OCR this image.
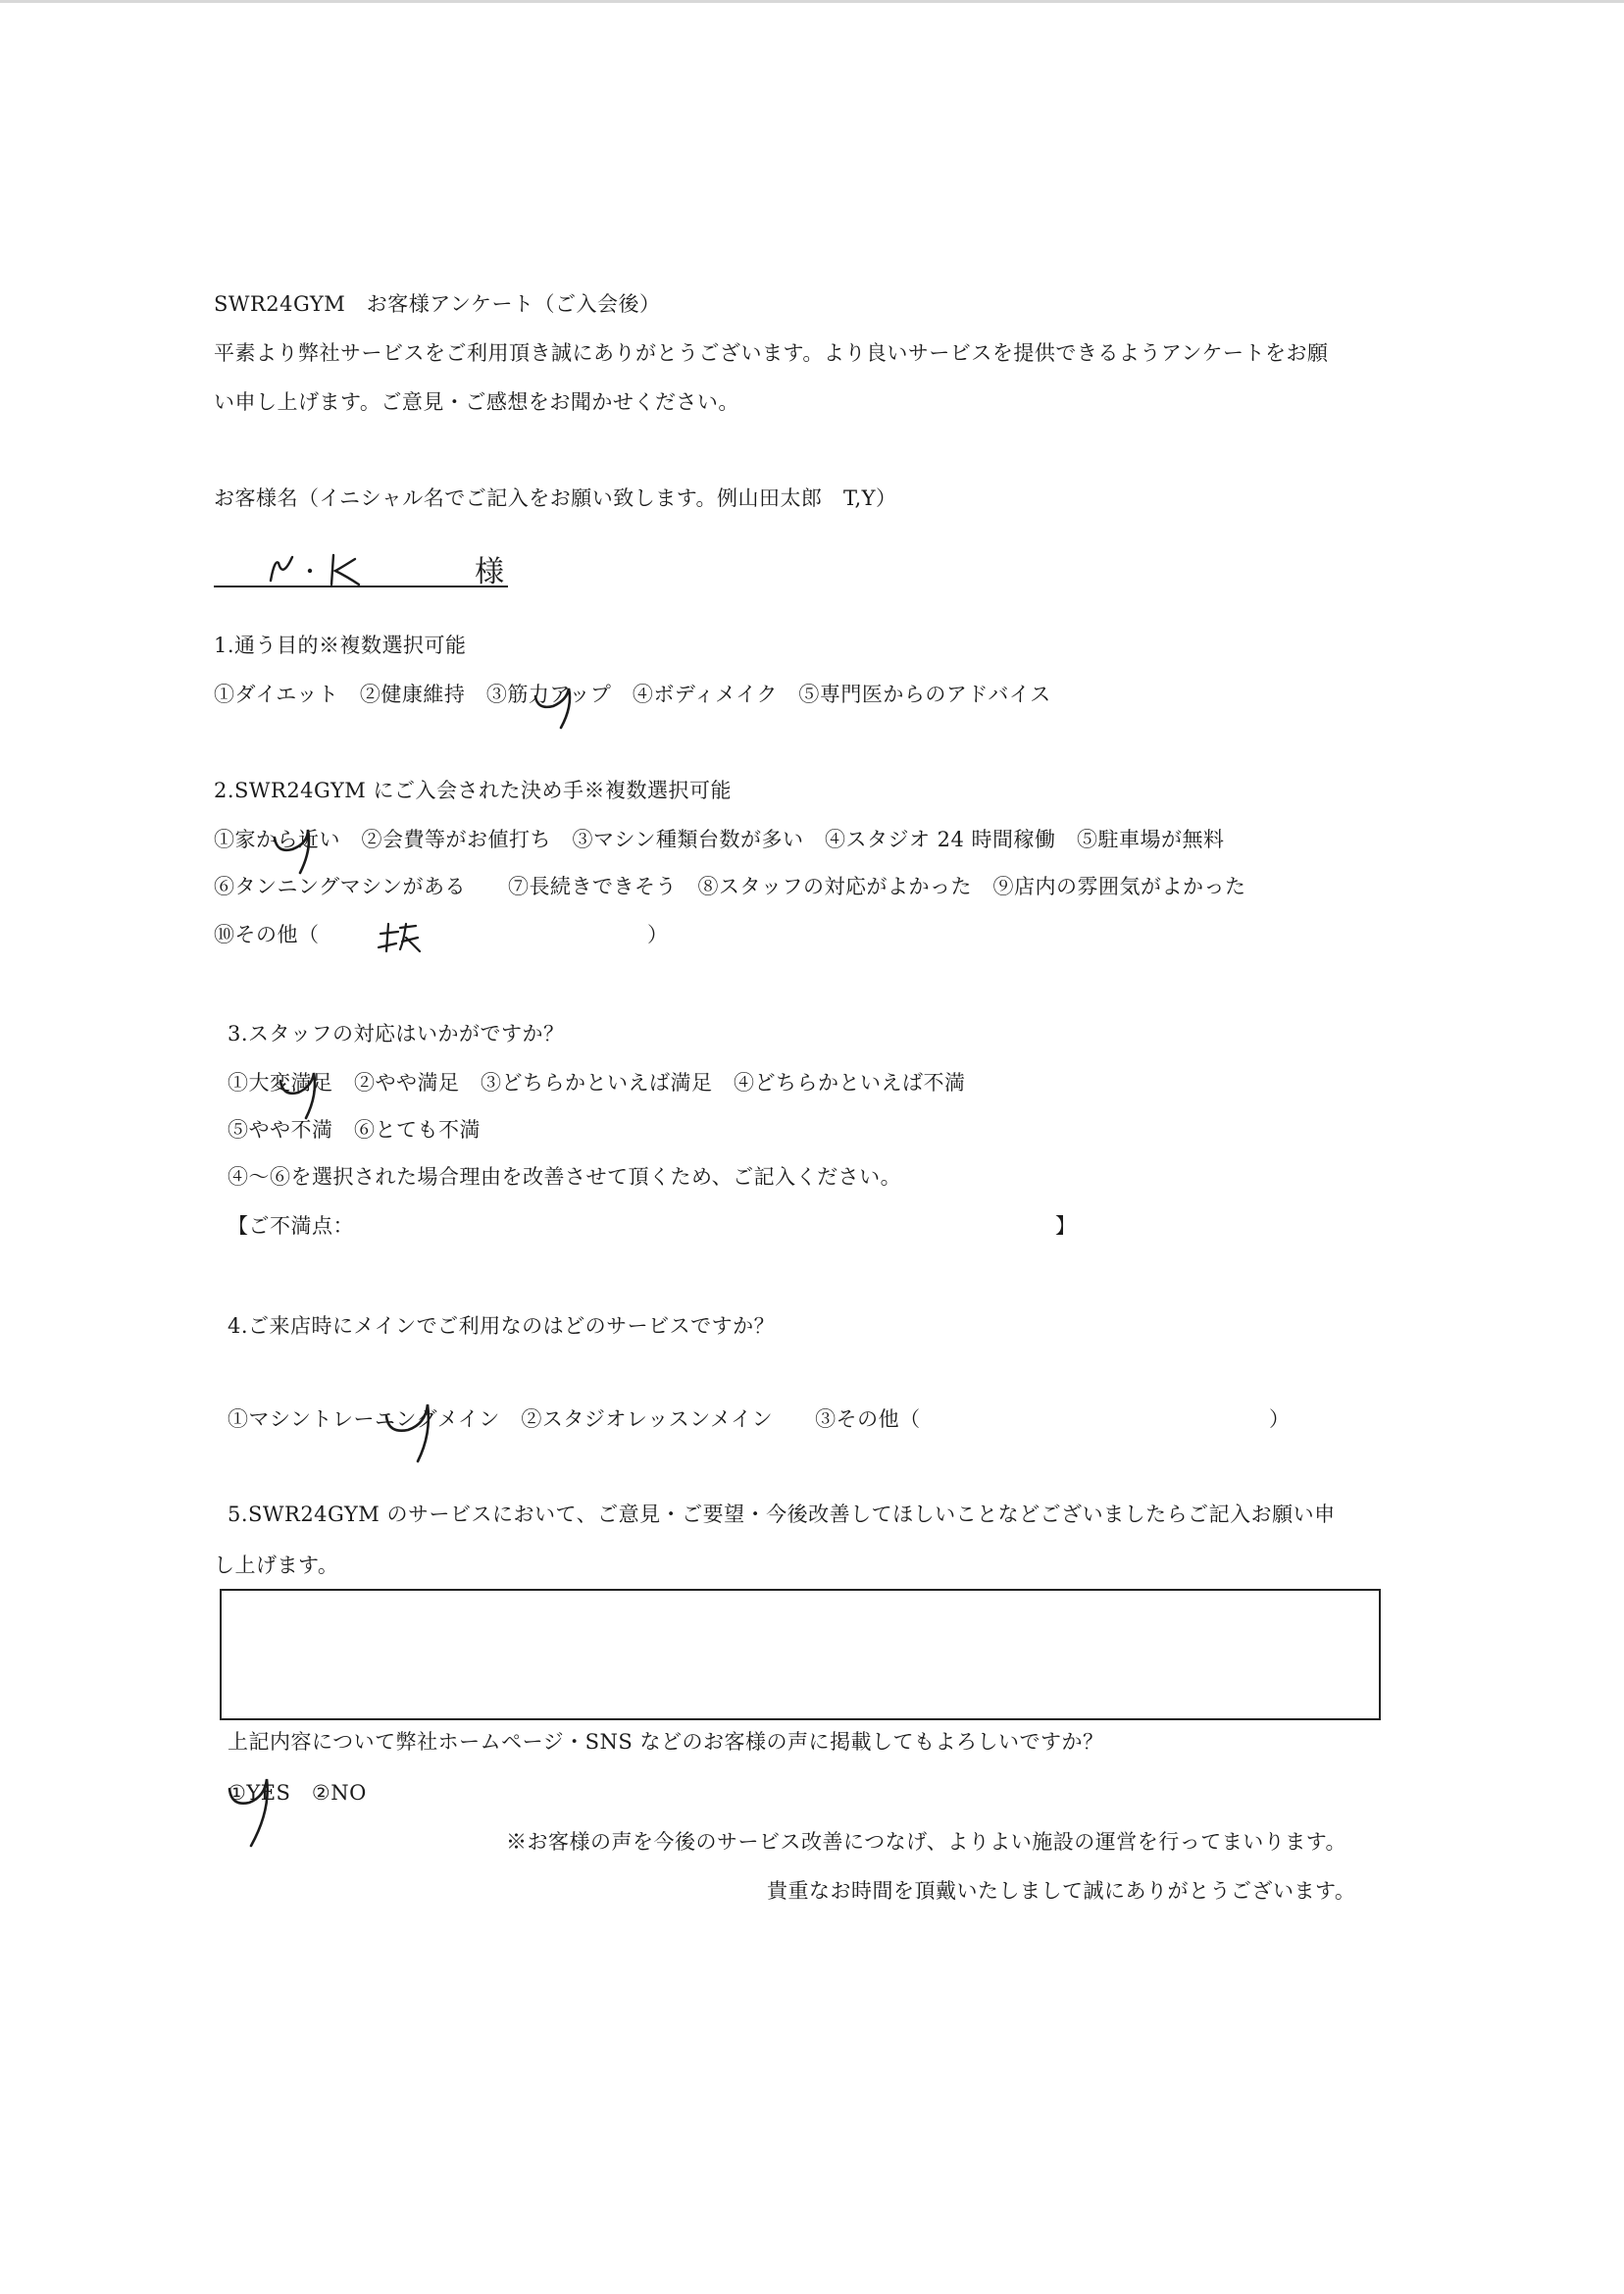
SWR24GYM　お客様アンケート（ご入会後）
平素より弊社サービスをご利用頂き誠にありがとうございます。より良いサービスを提供できるようアンケートをお願
い申し上げます。ご意見・ご感想をお聞かせください。
お客様名（イニシャル名でご記入をお願い致します。例山田太郎　T,Y）
様
1.通う目的※複数選択可能
①ダイエット　②健康維持　③筋力アップ　④ボディメイク　⑤専門医からのアドバイス
2.SWR24GYM にご入会された決め手※複数選択可能
①家から近い　②会費等がお値打ち　③マシン種類台数が多い　④スタジオ 24 時間稼働　⑤駐車場が無料
⑥タンニングマシンがある　　⑦長続きできそう　⑧スタッフの対応がよかった　⑨店内の雰囲気がよかった
⑩その他（	）
3.スタッフの対応はいかがですか？
①大変満足　②やや満足　③どちらかといえば満足　④どちらかといえば不満
⑤やや不満　⑥とても不満
④～⑥を選択された場合理由を改善させて頂くため、ご記入ください。
【ご不満点：	】
4.ご来店時にメインでご利用なのはどのサービスですか？
①マシントレーニングメイン　②スタジオレッスンメイン　　③その他（	）
5.SWR24GYM のサービスにおいて、ご意見・ご要望・今後改善してほしいことなどございましたらご記入お願い申
し上げます。
上記内容について弊社ホームページ・SNS などのお客様の声に掲載してもよろしいですか？
①YES　②NO
※お客様の声を今後のサービス改善につなげ、よりよい施設の運営を行ってまいります。
貴重なお時間を頂戴いたしまして誠にありがとうございます。
